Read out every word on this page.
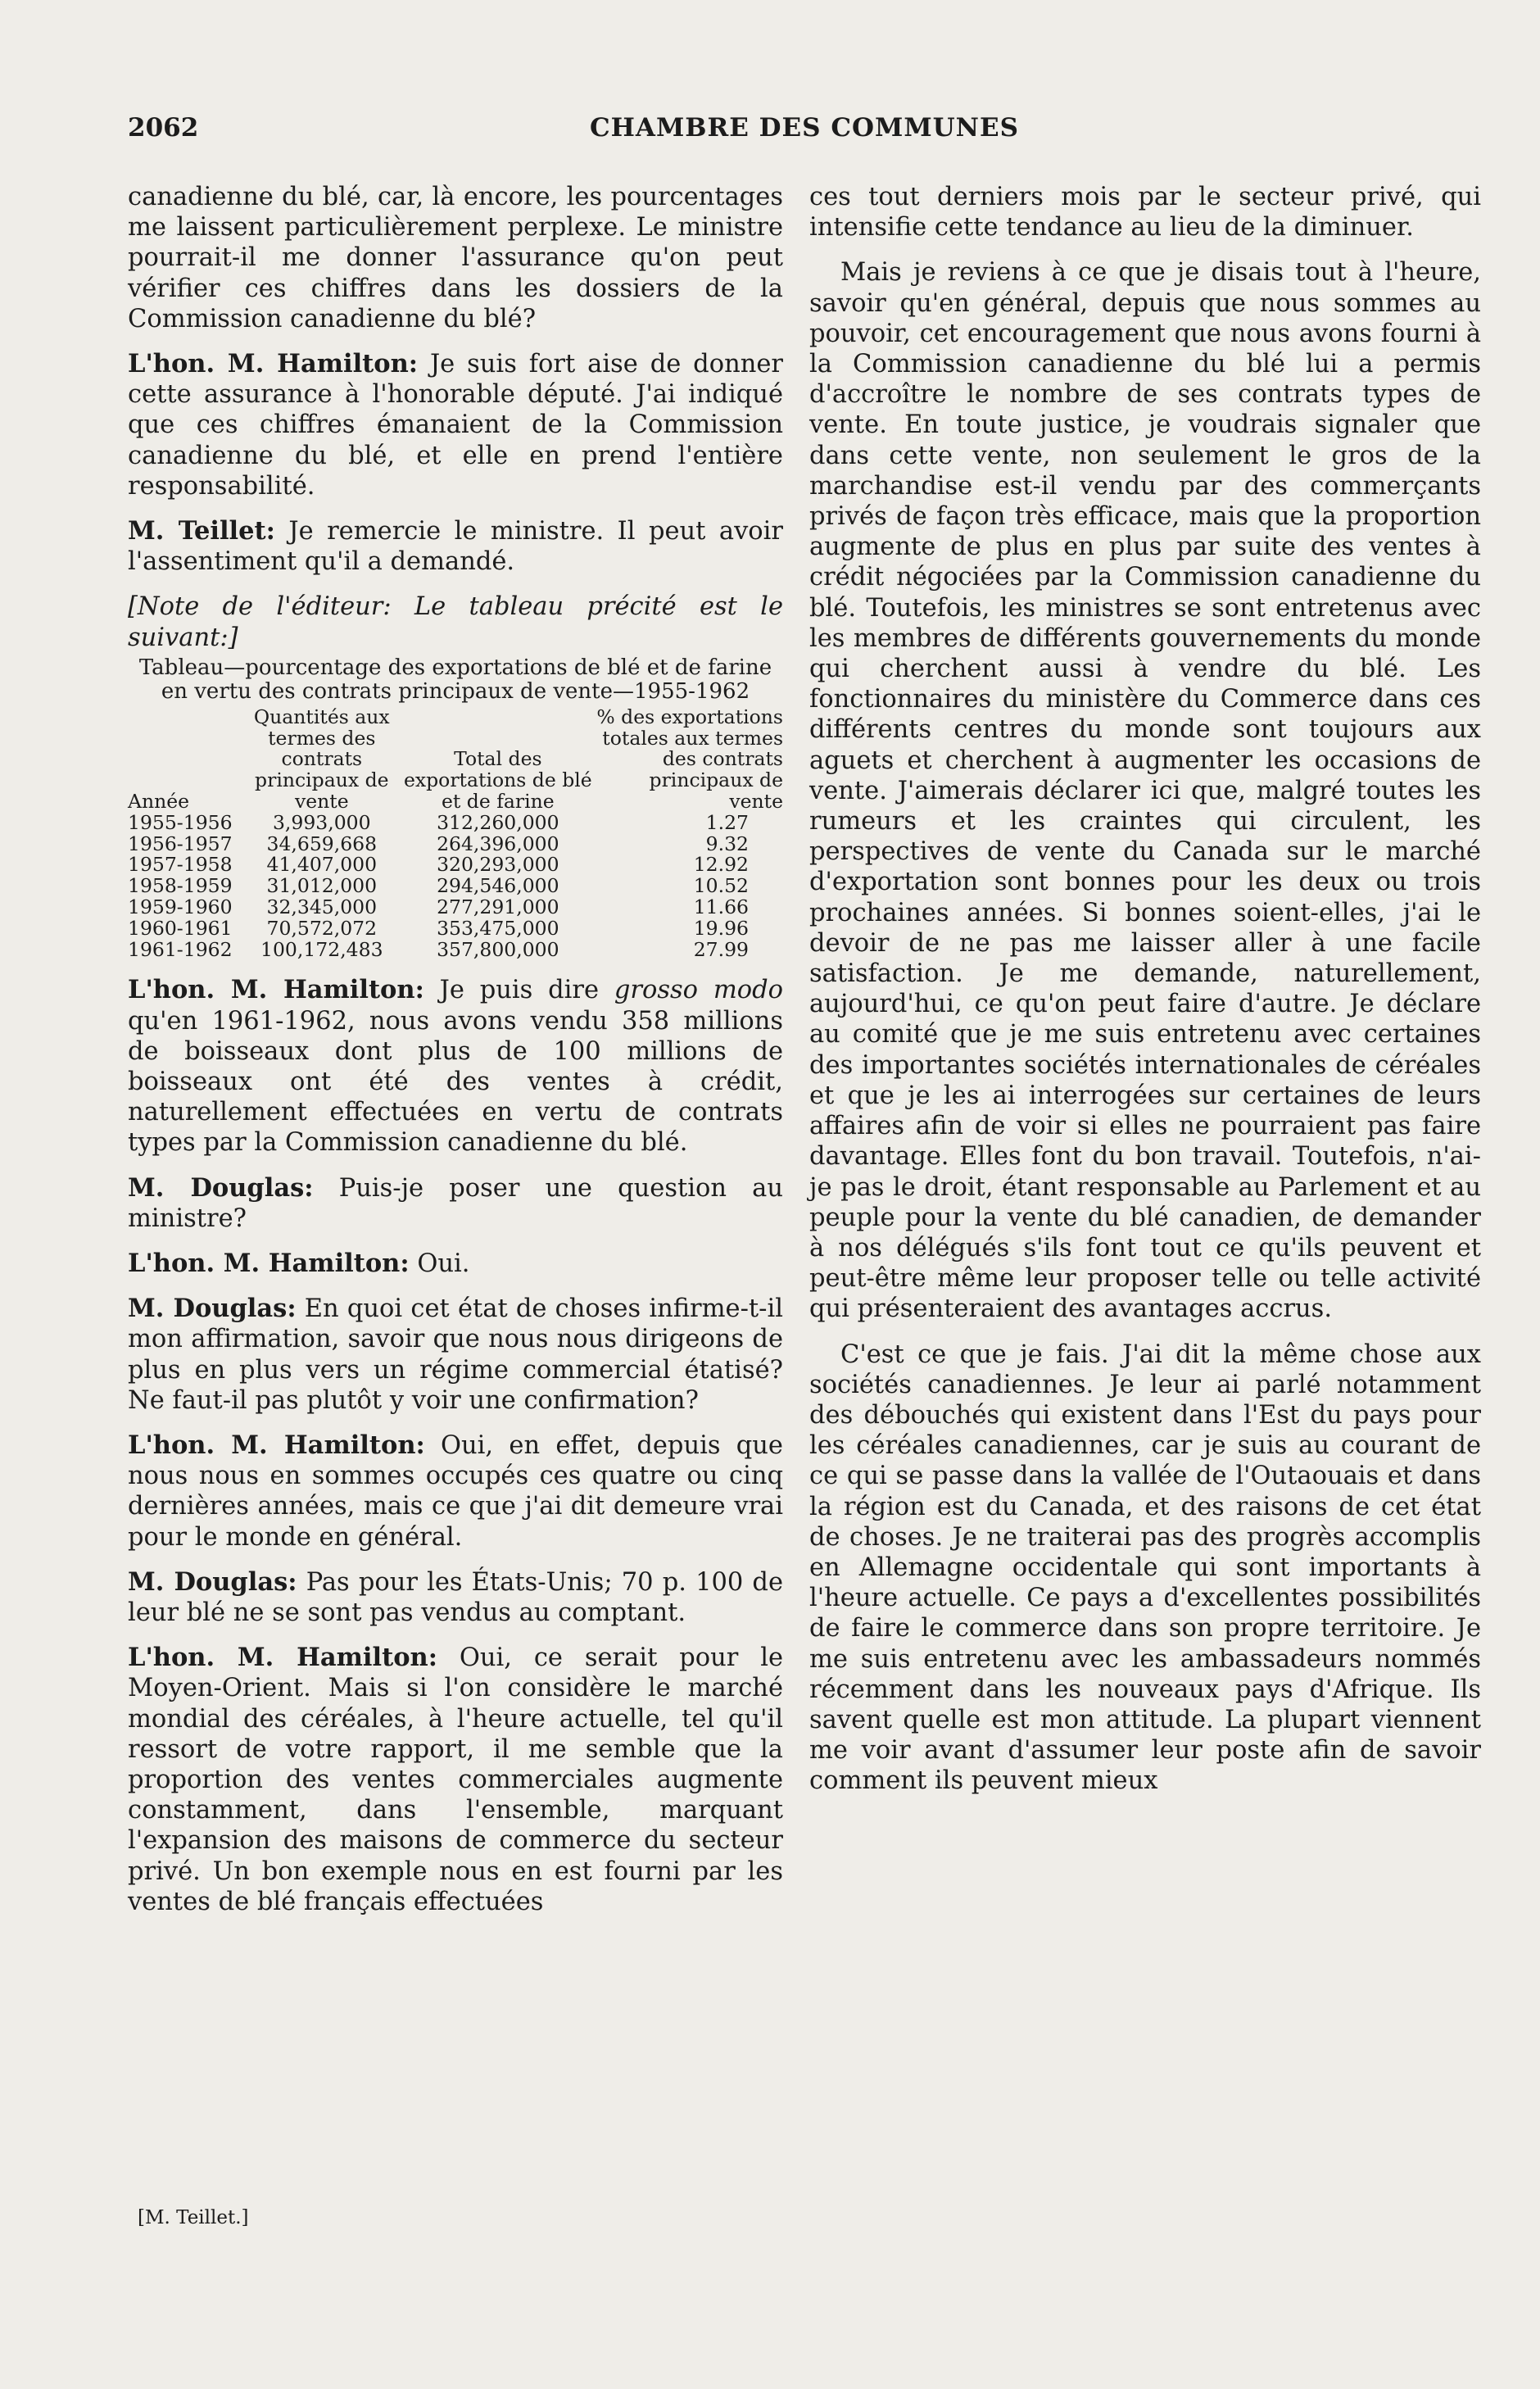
2062	CHAMBRE DES COMMUNES

canadienne du blé, car, là encore, les pourcentages me laissent particulièrement perplexe. Le ministre pourrait-il me donner l'assurance qu'on peut vérifier ces chiffres dans les dossiers de la Commission canadienne du blé?

L'hon. M. Hamilton: Je suis fort aise de donner cette assurance à l'honorable député. J'ai indiqué que ces chiffres émanaient de la Commission canadienne du blé, et elle en prend l'entière responsabilité.

M. Teillet: Je remercie le ministre. Il peut avoir l'assentiment qu'il a demandé.

[Note de l'éditeur: Le tableau précité est le suivant:]

Tableau—pourcentage des exportations de blé et de farine en vertu des contrats principaux de vente—1955-1962
Année	Quantités aux termes des contrats principaux de vente	Total des exportations de blé et de farine	% des exportations totales aux termes des contrats principaux de vente
1955-1956	3,993,000	312,260,000	1.27
1956-1957	34,659,668	264,396,000	9.32
1957-1958	41,407,000	320,293,000	12.92
1958-1959	31,012,000	294,546,000	10.52
1959-1960	32,345,000	277,291,000	11.66
1960-1961	70,572,072	353,475,000	19.96
1961-1962	100,172,483	357,800,000	27.99

L'hon. M. Hamilton: Je puis dire grosso modo qu'en 1961-1962, nous avons vendu 358 millions de boisseaux dont plus de 100 millions de boisseaux ont été des ventes à crédit, naturellement effectuées en vertu de contrats types par la Commission canadienne du blé.

M. Douglas: Puis-je poser une question au ministre?

L'hon. M. Hamilton: Oui.

M. Douglas: En quoi cet état de choses infirme-t-il mon affirmation, savoir que nous nous dirigeons de plus en plus vers un régime commercial étatisé? Ne faut-il pas plutôt y voir une confirmation?

L'hon. M. Hamilton: Oui, en effet, depuis que nous nous en sommes occupés ces quatre ou cinq dernières années, mais ce que j'ai dit demeure vrai pour le monde en général.

M. Douglas: Pas pour les États-Unis; 70 p. 100 de leur blé ne se sont pas vendus au comptant.

L'hon. M. Hamilton: Oui, ce serait pour le Moyen-Orient. Mais si l'on considère le marché mondial des céréales, à l'heure actuelle, tel qu'il ressort de votre rapport, il me semble que la proportion des ventes commerciales augmente constamment, dans l'ensemble, marquant l'expansion des maisons de commerce du secteur privé. Un bon exemple nous en est fourni par les ventes de blé français effectuées

ces tout derniers mois par le secteur privé, qui intensifie cette tendance au lieu de la diminuer.

Mais je reviens à ce que je disais tout à l'heure, savoir qu'en général, depuis que nous sommes au pouvoir, cet encouragement que nous avons fourni à la Commission canadienne du blé lui a permis d'accroître le nombre de ses contrats types de vente. En toute justice, je voudrais signaler que dans cette vente, non seulement le gros de la marchandise est-il vendu par des commerçants privés de façon très efficace, mais que la proportion augmente de plus en plus par suite des ventes à crédit négociées par la Commission canadienne du blé. Toutefois, les ministres se sont entretenus avec les membres de différents gouvernements du monde qui cherchent aussi à vendre du blé. Les fonctionnaires du ministère du Commerce dans ces différents centres du monde sont toujours aux aguets et cherchent à augmenter les occasions de vente. J'aimerais déclarer ici que, malgré toutes les rumeurs et les craintes qui circulent, les perspectives de vente du Canada sur le marché d'exportation sont bonnes pour les deux ou trois prochaines années. Si bonnes soient-elles, j'ai le devoir de ne pas me laisser aller à une facile satisfaction. Je me demande, naturellement, aujourd'hui, ce qu'on peut faire d'autre. Je déclare au comité que je me suis entretenu avec certaines des importantes sociétés internationales de céréales et que je les ai interrogées sur certaines de leurs affaires afin de voir si elles ne pourraient pas faire davantage. Elles font du bon travail. Toutefois, n'ai-je pas le droit, étant responsable au Parlement et au peuple pour la vente du blé canadien, de demander à nos délégués s'ils font tout ce qu'ils peuvent et peut-être même leur proposer telle ou telle activité qui présenteraient des avantages accrus.

C'est ce que je fais. J'ai dit la même chose aux sociétés canadiennes. Je leur ai parlé notamment des débouchés qui existent dans l'Est du pays pour les céréales canadiennes, car je suis au courant de ce qui se passe dans la vallée de l'Outaouais et dans la région est du Canada, et des raisons de cet état de choses. Je ne traiterai pas des progrès accomplis en Allemagne occidentale qui sont importants à l'heure actuelle. Ce pays a d'excellentes possibilités de faire le commerce dans son propre territoire. Je me suis entretenu avec les ambassadeurs nommés récemment dans les nouveaux pays d'Afrique. Ils savent quelle est mon attitude. La plupart viennent me voir avant d'assumer leur poste afin de savoir comment ils peuvent mieux

[M. Teillet.]
